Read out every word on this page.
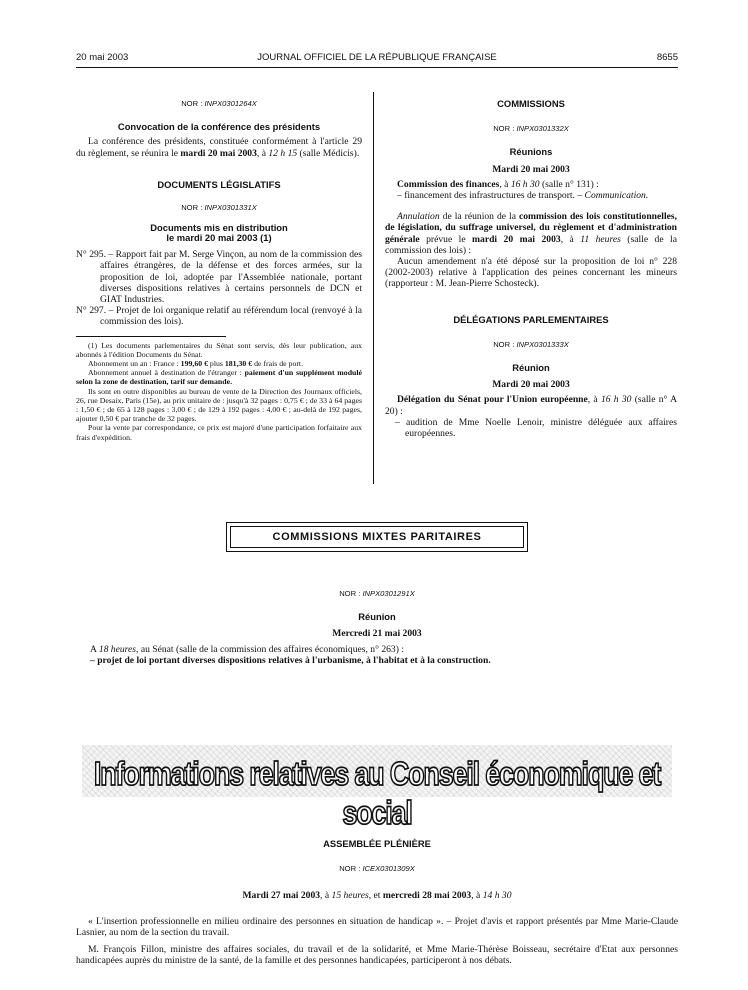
20 mai 2003	JOURNAL OFFICIEL DE LA RÉPUBLIQUE FRANÇAISE	8655

NOR : INPX0301264X

Convocation de la conférence des présidents

La conférence des présidents, constituée conformément à l'article 29 du règlement, se réunira le mardi 20 mai 2003, à 12 h 15 (salle Médicis).

DOCUMENTS LÉGISLATIFS

NOR : INPX0301331X

Documents mis en distribution
le mardi 20 mai 2003 (1)

N° 295. – Rapport fait par M. Serge Vinçon, au nom de la commission des affaires étrangères, de la défense et des forces armées, sur la proposition de loi, adoptée par l'Assemblée nationale, portant diverses dispositions relatives à certains personnels de DCN et GIAT Industries.

N° 297. – Projet de loi organique relatif au référendum local (renvoyé à la commission des lois).

(1) Les documents parlementaires du Sénat sont servis, dès leur publication, aux abonnés à l'édition Documents du Sénat.

Abonnement un an : France : 199,60 € plus 181,30 € de frais de port.

Abonnement annuel à destination de l'étranger : paiement d'un supplément modulé selon la zone de destination, tarif sur demande.

Ils sont en outre disponibles au bureau de vente de la Direction des Journaux officiels, 26, rue Desaix, Paris (15e), au prix unitaire de : jusqu'à 32 pages : 0,75 € ; de 33 à 64 pages : 1,50 € ; de 65 à 128 pages : 3,00 € ; de 129 à 192 pages : 4,00 € ; au-delà de 192 pages, ajouter 0,50 € par tranche de 32 pages.

Pour la vente par correspondance, ce prix est majoré d'une participation forfaitaire aux frais d'expédition.

COMMISSIONS

NOR : INPX0301332X

Réunions

Mardi 20 mai 2003

Commission des finances, à 16 h 30 (salle n° 131) :

– financement des infrastructures de transport. – Communication.

Annulation de la réunion de la commission des lois constitutionnelles, de législation, du suffrage universel, du règlement et d'administration générale prévue le mardi 20 mai 2003, à 11 heures (salle de la commission des lois) :

Aucun amendement n'a été déposé sur la proposition de loi n° 228 (2002-2003) relative à l'application des peines concernant les mineurs (rapporteur : M. Jean-Pierre Schosteck).

DÉLÉGATIONS PARLEMENTAIRES

NOR : INPX0301333X

Réunion

Mardi 20 mai 2003

Délégation du Sénat pour l'Union européenne, à 16 h 30 (salle n° A 20) :

– audition de Mme Noelle Lenoir, ministre déléguée aux affaires européennes.

COMMISSIONS MIXTES PARITAIRES

NOR : INPX0301291X

Réunion

Mercredi 21 mai 2003

A 18 heures, au Sénat (salle de la commission des affaires économiques, n° 263) :

– projet de loi portant diverses dispositions relatives à l'urbanisme, à l'habitat et à la construction.

Informations relatives au Conseil économique et social

ASSEMBLÉE PLÉNIÈRE

NOR : ICEX0301309X

Mardi 27 mai 2003, à 15 heures, et mercredi 28 mai 2003, à 14 h 30

« L'insertion professionnelle en milieu ordinaire des personnes en situation de handicap ». – Projet d'avis et rapport présentés par Mme Marie-Claude Lasnier, au nom de la section du travail.

M. François Fillon, ministre des affaires sociales, du travail et de la solidarité, et Mme Marie-Thérèse Boisseau, secrétaire d'Etat aux personnes handicapées auprès du ministre de la santé, de la famille et des personnes handicapées, participeront à nos débats.
